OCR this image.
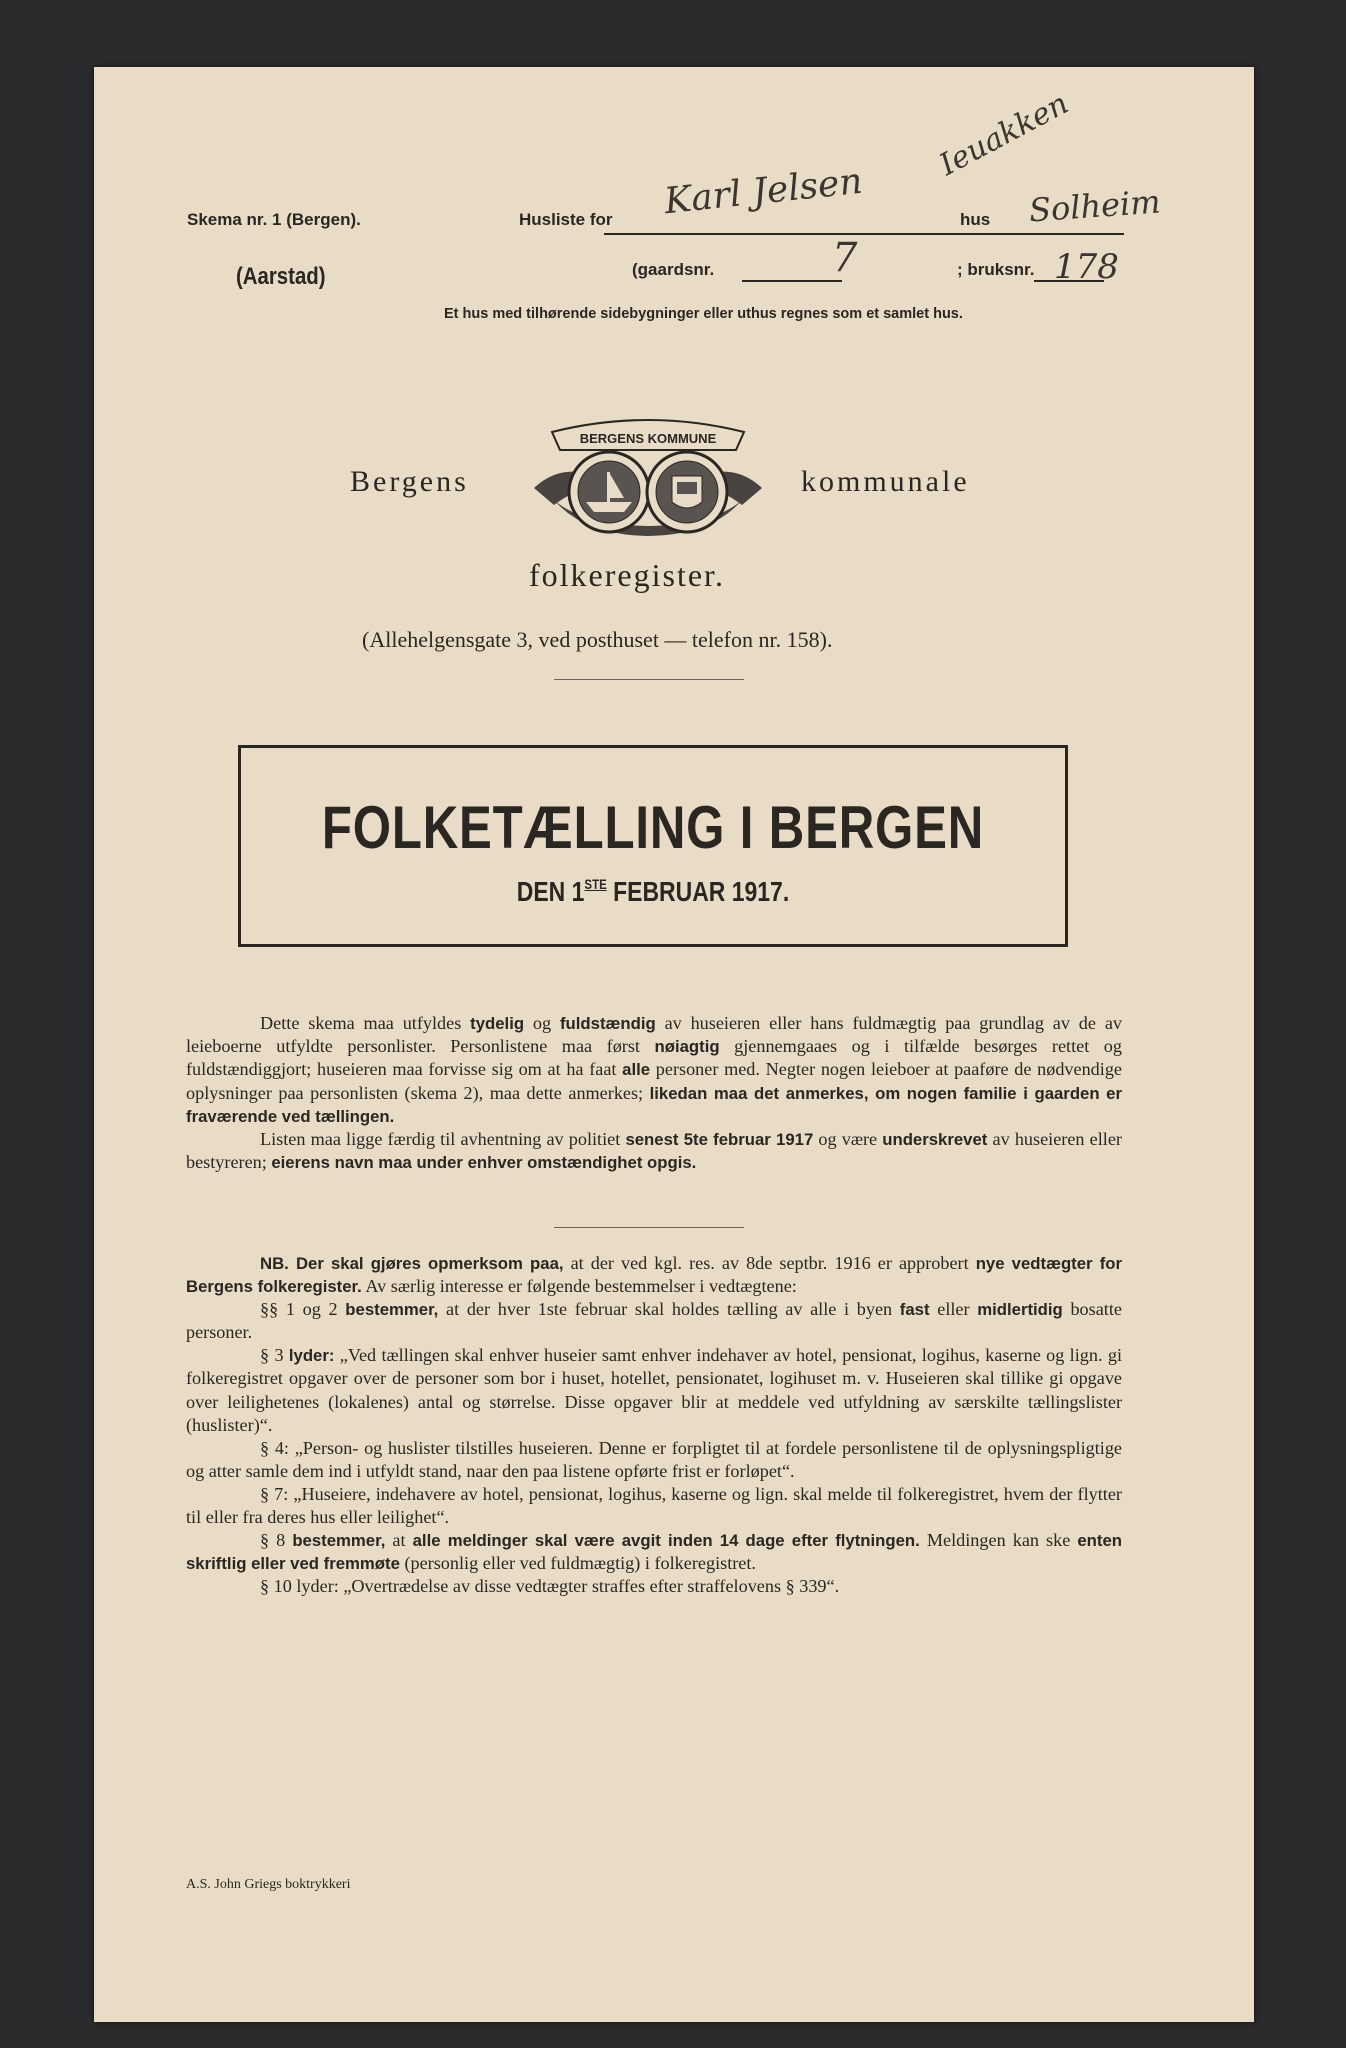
Skema nr. 1 (Bergen).	Husliste for Karl Jelsen	hus Solheim
Ieuakken
(Aarstad)	(gaardsnr.	7	; bruksnr. 178
Et hus med tilhørende sidebygninger eller uthus regnes som et samlet hus.
Bergens
BERGENS KOMMUNE
kommunale
folkeregister.
(Allehelgensgate 3, ved posthuset — telefon nr. 158).
FOLKETÆLLING I BERGEN
DEN 1STE FEBRUAR 1917.

Dette skema maa utfyldes tydelig og fuldstændig av huseieren eller hans fuldmægtig paa grundlag av de av leieboerne utfyldte personlister. Personlistene maa først nøiagtig gjennemgaaes og i tilfælde besørges rettet og fuldstændiggjort; huseieren maa forvisse sig om at ha faat alle personer med. Negter nogen leieboer at paaføre de nødvendige oplysninger paa personlisten (skema 2), maa dette anmerkes; likedan maa det anmerkes, om nogen familie i gaarden er fraværende ved tællingen.

Listen maa ligge færdig til avhentning av politiet senest 5te februar 1917 og være underskrevet av huseieren eller bestyreren; eierens navn maa under enhver omstændighet opgis.

NB. Der skal gjøres opmerksom paa, at der ved kgl. res. av 8de septbr. 1916 er approbert nye vedtægter for Bergens folkeregister. Av særlig interesse er følgende bestemmelser i vedtægtene:

§§ 1 og 2 bestemmer, at der hver 1ste februar skal holdes tælling av alle i byen fast eller midlertidig bosatte personer.

§ 3 lyder: „Ved tællingen skal enhver huseier samt enhver indehaver av hotel, pensionat, logihus, kaserne og lign. gi folkeregistret opgaver over de personer som bor i huset, hotellet, pensionatet, logihuset m. v. Huseieren skal tillike gi opgave over leilighetenes (lokalenes) antal og størrelse. Disse opgaver blir at meddele ved utfyldning av særskilte tællingslister (huslister)“.

§ 4: „Person- og huslister tilstilles huseieren. Denne er forpligtet til at fordele personlistene til de oplysningspligtige og atter samle dem ind i utfyldt stand, naar den paa listene opførte frist er forløpet“.

§ 7: „Huseiere, indehavere av hotel, pensionat, logihus, kaserne og lign. skal melde til folkeregistret, hvem der flytter til eller fra deres hus eller leilighet“.

§ 8 bestemmer, at alle meldinger skal være avgit inden 14 dage efter flytningen. Meldingen kan ske enten skriftlig eller ved fremmøte (personlig eller ved fuldmægtig) i folkeregistret.

§ 10 lyder: „Overtrædelse av disse vedtægter straffes efter straffelovens § 339“.

A.S. John Griegs boktrykkeri
